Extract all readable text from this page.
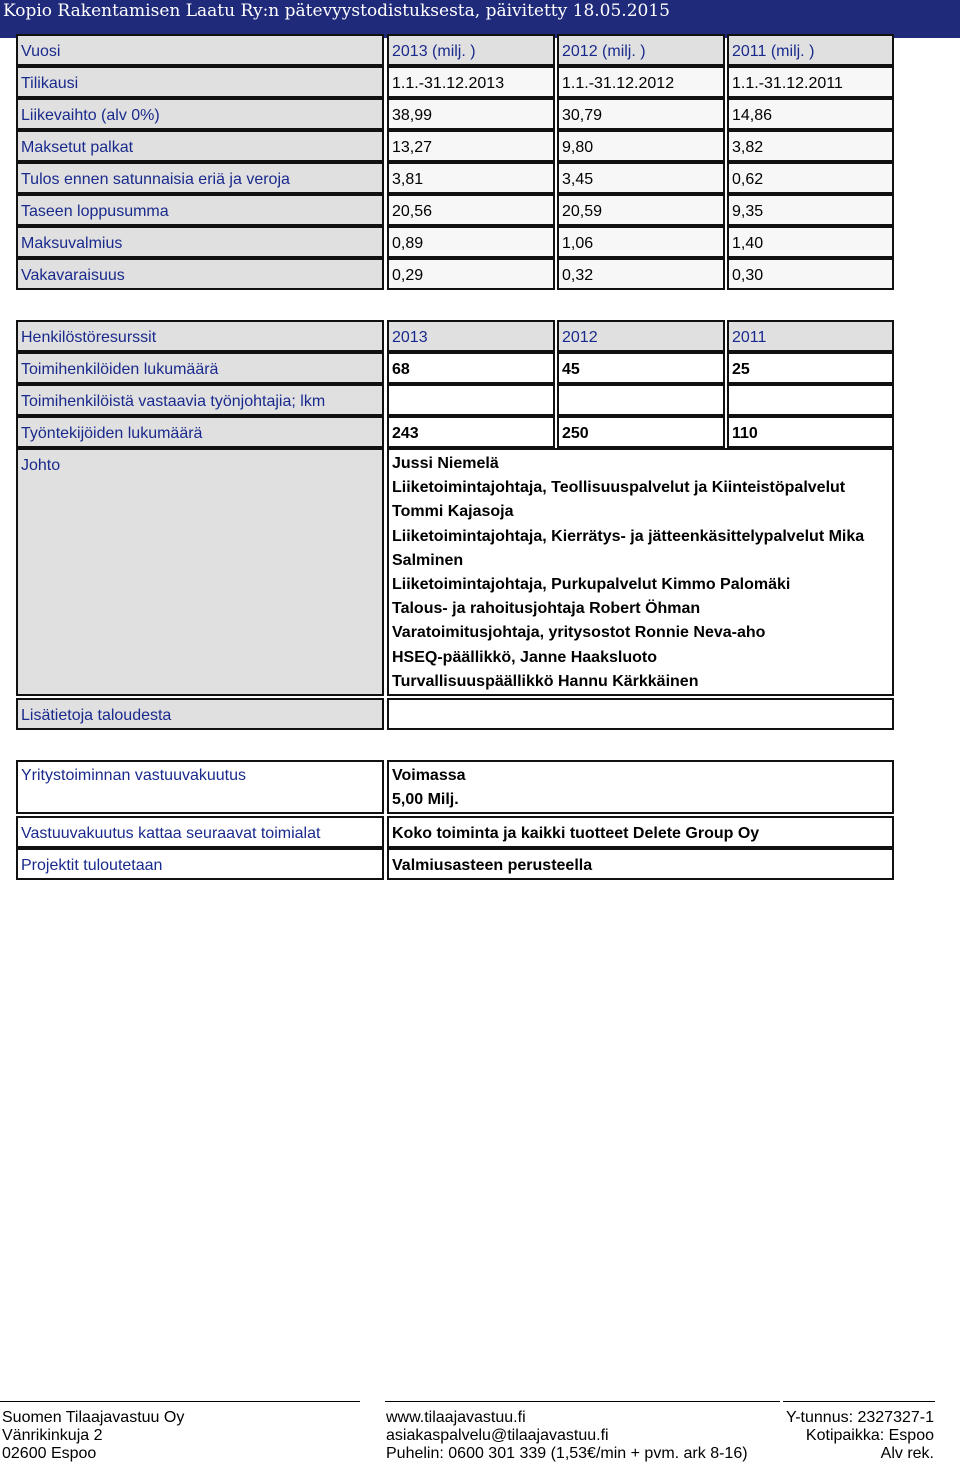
Kopio Rakentamisen Laatu Ry:n pätevyystodistuksesta, päivitetty 18.05.2015	Sivu 13 / 13
Vuosi	2013 (milj. )	2012 (milj. )	2011 (milj. )
Tilikausi	1.1.-31.12.2013	1.1.-31.12.2012	1.1.-31.12.2011
Liikevaihto (alv 0%)	38,99	30,79	14,86
Maksetut palkat	13,27	9,80	3,82
Tulos ennen satunnaisia eriä ja veroja	3,81	3,45	0,62
Taseen loppusumma	20,56	20,59	9,35
Maksuvalmius	0,89	1,06	1,40
Vakavaraisuus	0,29	0,32	0,30
Henkilöstöresurssit	2013	2012	2011
Toimihenkilöiden lukumäärä	68	45	25
Toimihenkilöistä vastaavia työnjohtajia; lkm
Työntekijöiden lukumäärä	243	250	110
Johto	Jussi Niemelä
Liiketoimintajohtaja, Teollisuuspalvelut ja Kiinteistöpalvelut
Tommi Kajasoja
Liiketoimintajohtaja, Kierrätys- ja jätteenkäsittelypalvelut Mika
Salminen
Liiketoimintajohtaja, Purkupalvelut Kimmo Palomäki
Talous- ja rahoitusjohtaja Robert Öhman
Varatoimitusjohtaja, yritysostot Ronnie Neva-aho
HSEQ-päällikkö, Janne Haaksluoto
Turvallisuuspäällikkö Hannu Kärkkäinen
Lisätietoja taloudesta
Yritystoiminnan vastuuvakuutus	Voimassa
5,00 Milj.
Vastuuvakuutus kattaa seuraavat toimialat	Koko toiminta ja kaikki tuotteet Delete Group Oy
Projektit tuloutetaan	Valmiusasteen perusteella
Suomen Tilaajavastuu Oy
Vänrikinkuja 2
02600 Espoo
www.tilaajavastuu.fi
asiakaspalvelu@tilaajavastuu.fi
Puhelin: 0600 301 339 (1,53€/min + pvm. ark 8-16)
Y-tunnus: 2327327-1
Kotipaikka: Espoo
Alv rek.
